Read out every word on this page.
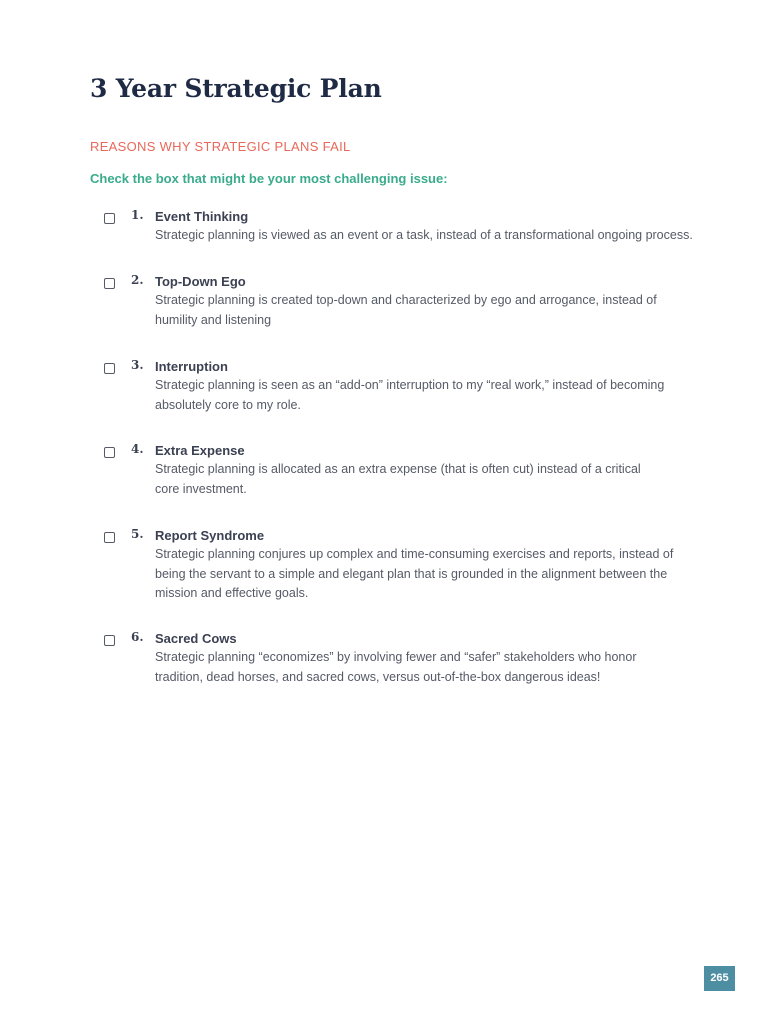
3 Year Strategic Plan
REASONS WHY STRATEGIC PLANS FAIL
Check the box that might be your most challenging issue:
1. Event Thinking
Strategic planning is viewed as an event or a task, instead of a transformational ongoing process.
2. Top-Down Ego
Strategic planning is created top-down and characterized by ego and arrogance, instead of
humility and listening
3. Interruption
Strategic planning is seen as an “add-on” interruption to my “real work,” instead of becoming
absolutely core to my role.
4. Extra Expense
Strategic planning is allocated as an extra expense (that is often cut) instead of a critical
core investment.
5. Report Syndrome
Strategic planning conjures up complex and time-consuming exercises and reports, instead of
being the servant to a simple and elegant plan that is grounded in the alignment between the
mission and effective goals.
6. Sacred Cows
Strategic planning “economizes” by involving fewer and “safer” stakeholders who honor
tradition, dead horses, and sacred cows, versus out-of-the-box dangerous ideas!
265
